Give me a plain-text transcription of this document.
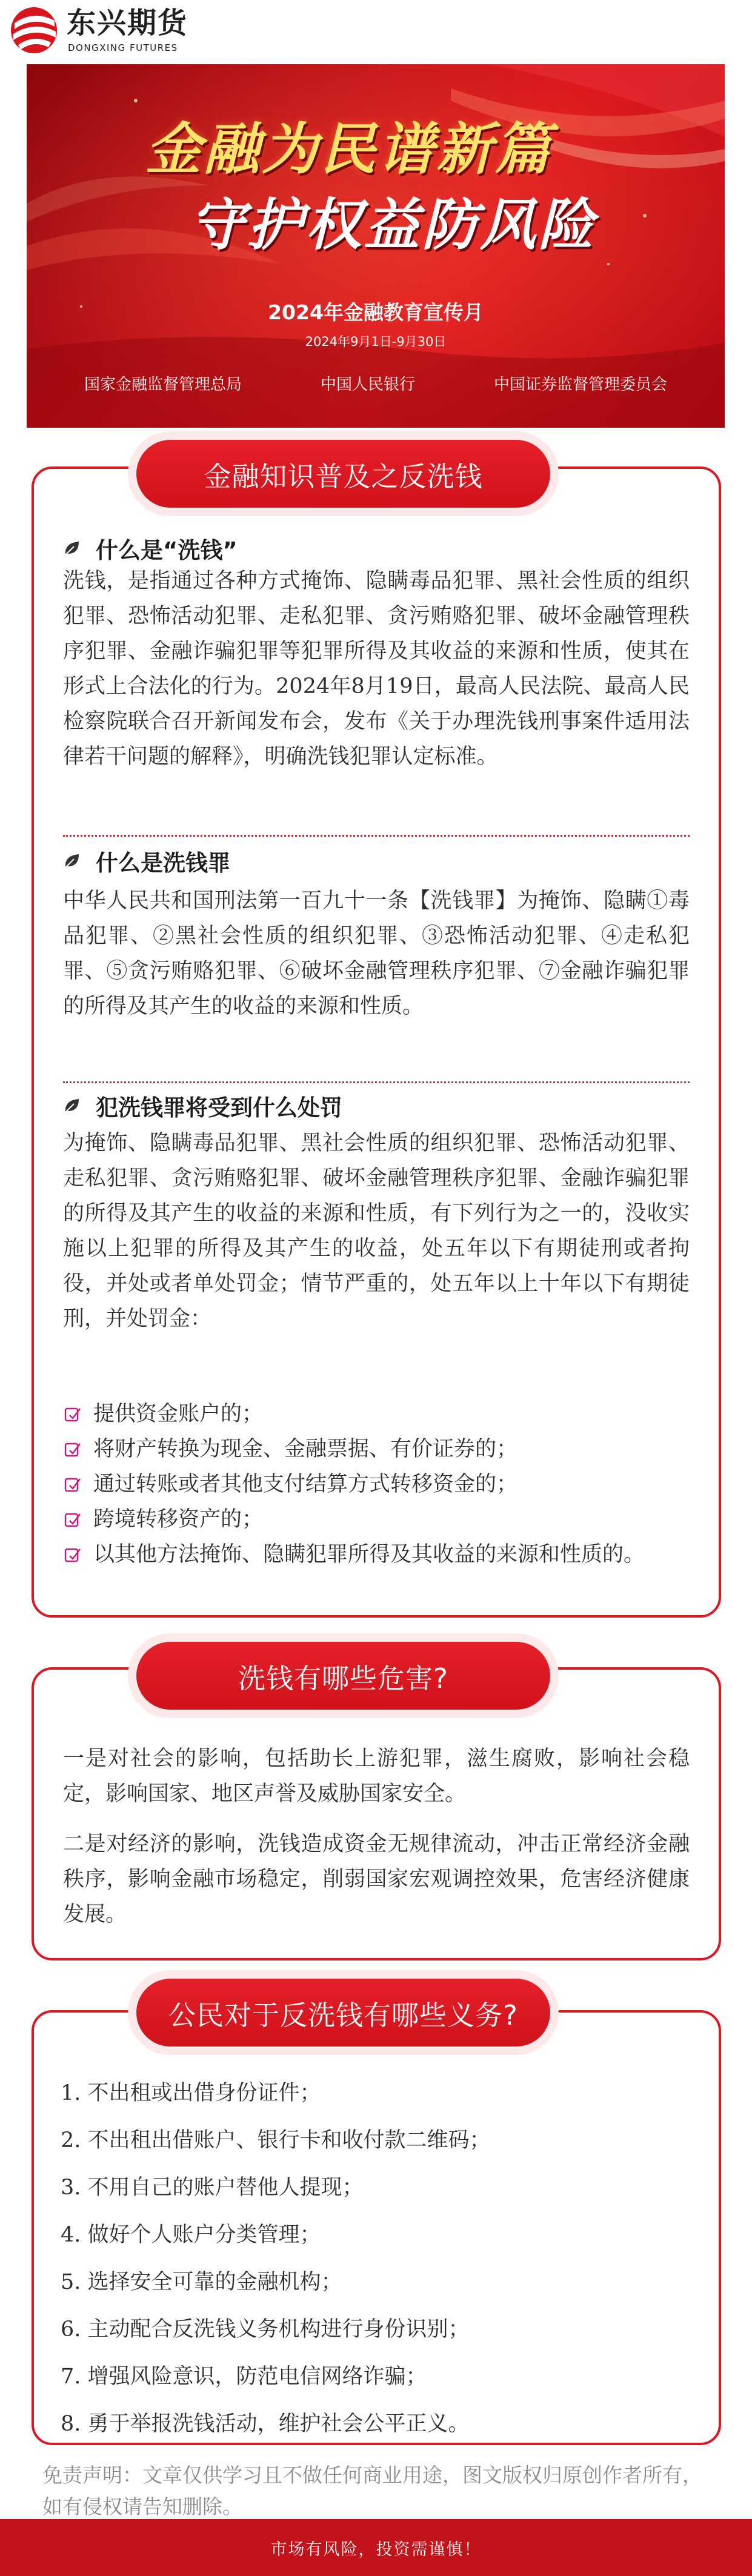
东兴期货
DONGXING FUTURES
金融为民谱新篇
守护权益防风险
2024年金融教育宣传月
2024年9月1日-9月30日
国家金融监督管理总局	中国人民银行	中国证券监督管理委员会
金融知识普及之反洗钱
什么是“洗钱”
洗钱，是指通过各种方式掩饰、隐瞒毒品犯罪、黑社会性质的组织犯罪、恐怖活动犯罪、走私犯罪、贪污贿赂犯罪、破坏金融管理秩序犯罪、金融诈骗犯罪等犯罪所得及其收益的来源和性质，使其在形式上合法化的行为。2024年8月19日，最高人民法院、最高人民检察院联合召开新闻发布会，发布《关于办理洗钱刑事案件适用法律若干问题的解释》，明确洗钱犯罪认定标准。
什么是洗钱罪
中华人民共和国刑法第一百九十一条【洗钱罪】为掩饰、隐瞒①毒品犯罪、②黑社会性质的组织犯罪、③恐怖活动犯罪、④走私犯罪、⑤贪污贿赂犯罪、⑥破坏金融管理秩序犯罪、⑦金融诈骗犯罪的所得及其产生的收益的来源和性质。
犯洗钱罪将受到什么处罚
为掩饰、隐瞒毒品犯罪、黑社会性质的组织犯罪、恐怖活动犯罪、走私犯罪、贪污贿赂犯罪、破坏金融管理秩序犯罪、金融诈骗犯罪的所得及其产生的收益的来源和性质，有下列行为之一的，没收实施以上犯罪的所得及其产生的收益，处五年以下有期徒刑或者拘役，并处或者单处罚金；情节严重的，处五年以上十年以下有期徒刑，并处罚金：
提供资金账户的；
将财产转换为现金、金融票据、有价证券的；
通过转账或者其他支付结算方式转移资金的；
跨境转移资产的；
以其他方法掩饰、隐瞒犯罪所得及其收益的来源和性质的。
洗钱有哪些危害?
一是对社会的影响，包括助长上游犯罪，滋生腐败，影响社会稳定，影响国家、地区声誉及威胁国家安全。
二是对经济的影响，洗钱造成资金无规律流动，冲击正常经济金融秩序，影响金融市场稳定，削弱国家宏观调控效果，危害经济健康发展。
公民对于反洗钱有哪些义务?
1. 不出租或出借身份证件；
2. 不出租出借账户、银行卡和收付款二维码；
3. 不用自己的账户替他人提现；
4. 做好个人账户分类管理；
5. 选择安全可靠的金融机构；
6. 主动配合反洗钱义务机构进行身份识别；
7. 增强风险意识，防范电信网络诈骗；
8. 勇于举报洗钱活动，维护社会公平正义。
免责声明：文章仅供学习且不做任何商业用途，图文版权归原创作者所有，如有侵权请告知删除。
市场有风险，投资需谨慎！
